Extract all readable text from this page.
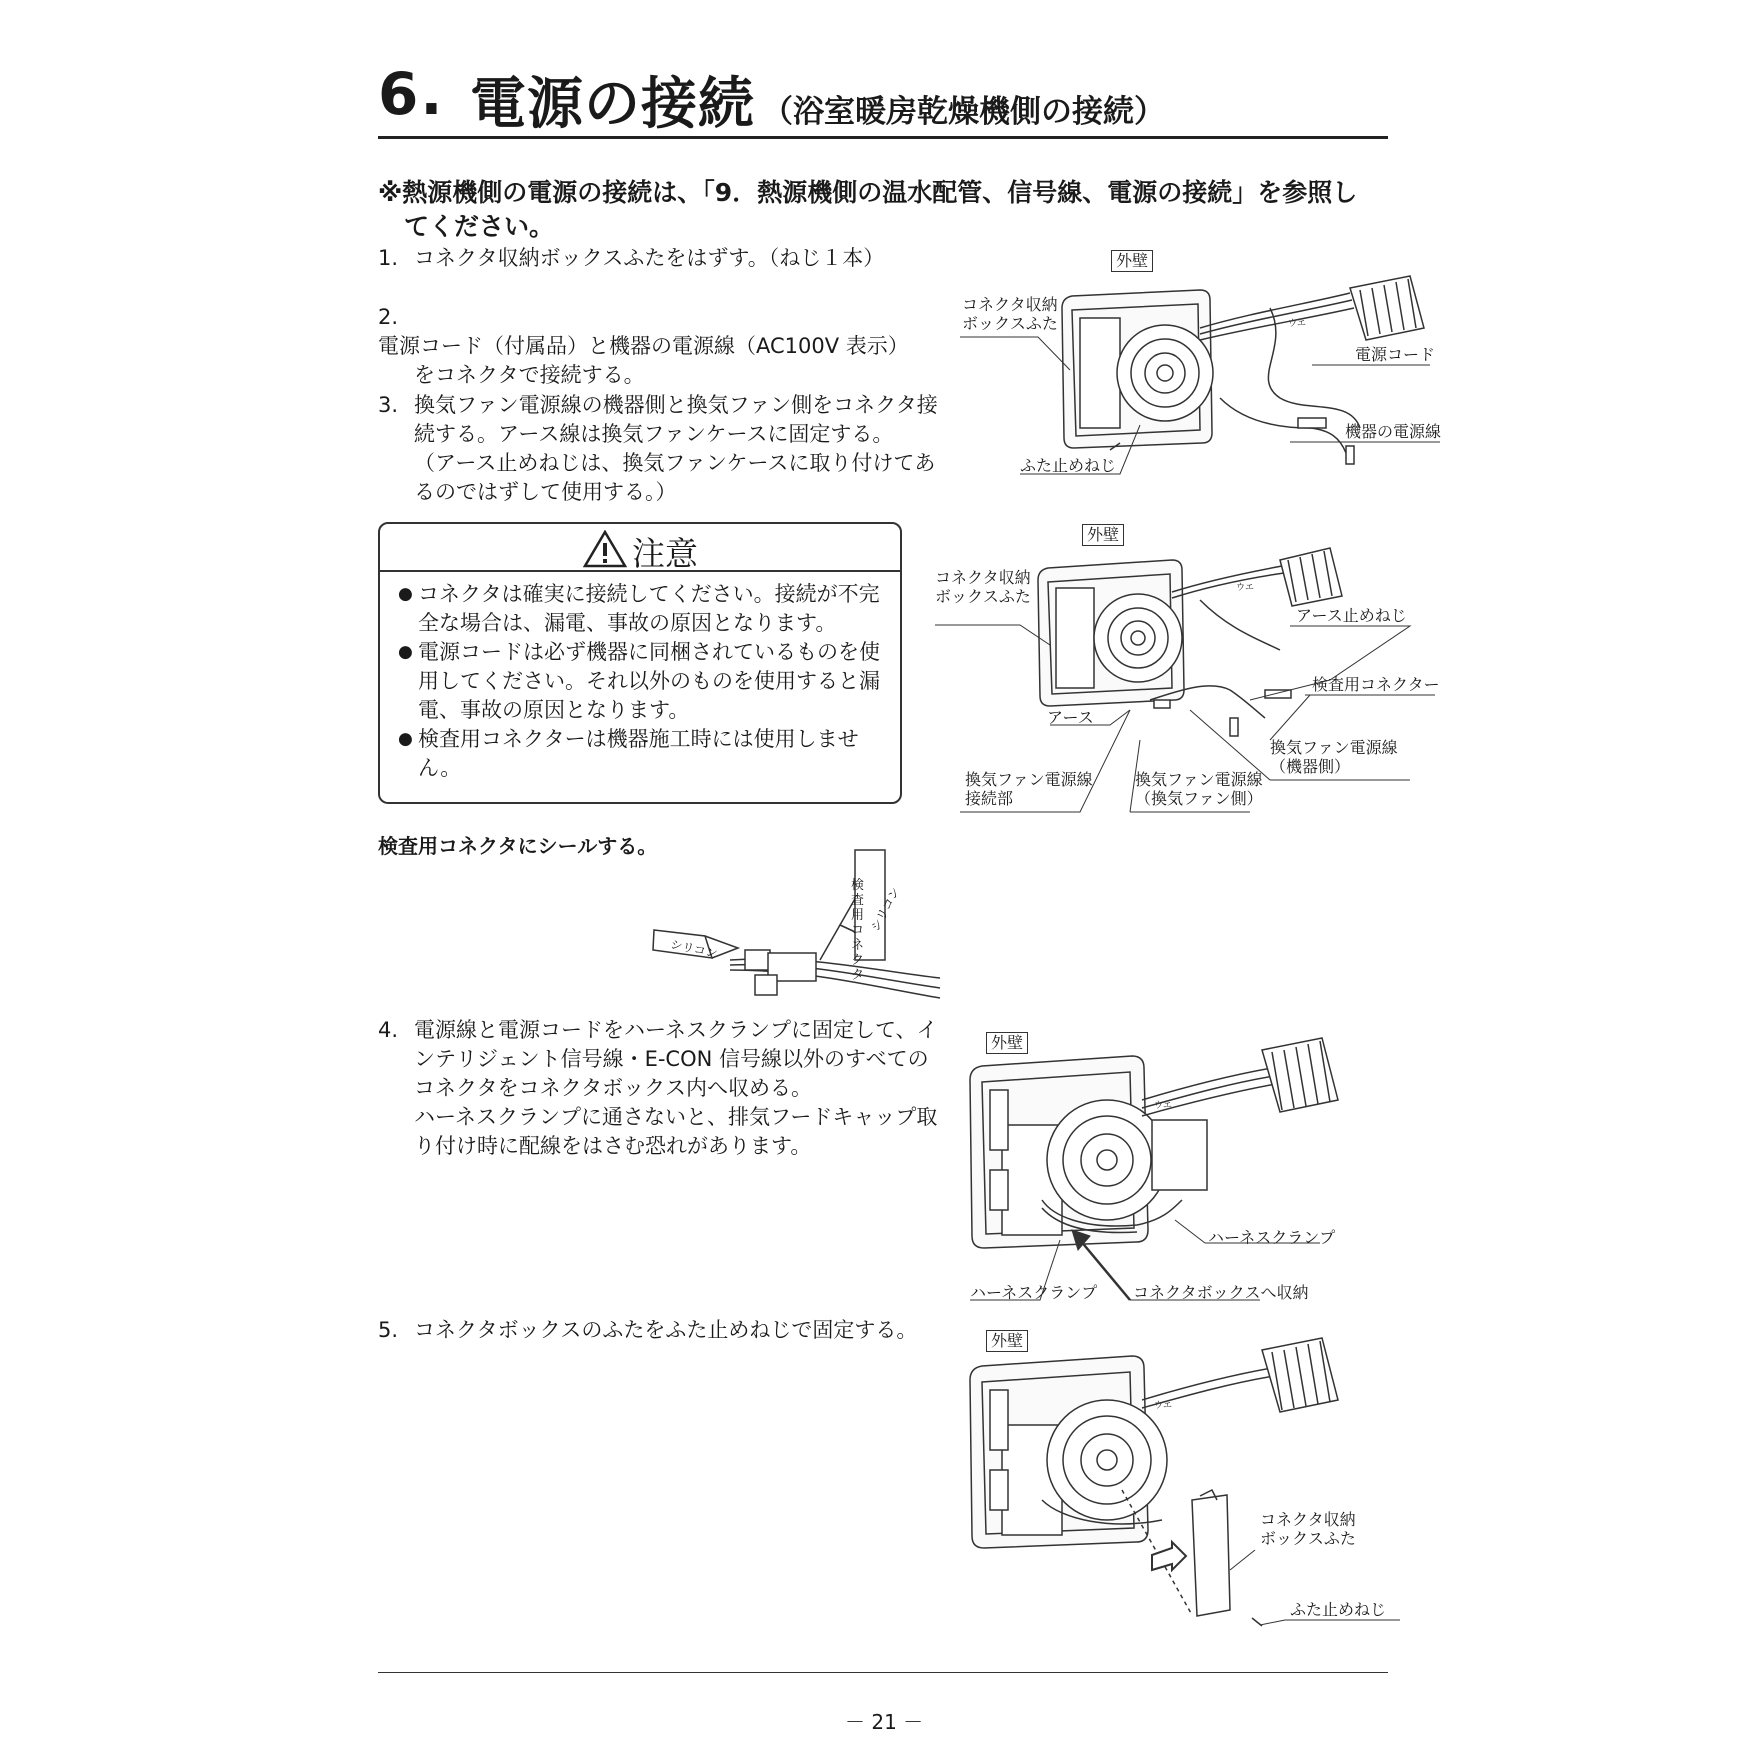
6. 電源の接続 （浴室暖房乾燥機側の接続）
※熱源機側の電源の接続は、「9．熱源機側の温水配管、信号線、電源の接続」を参照し
てください。
1. コネクタ収納ボックスふたをはずす。（ねじ１本）
2.電源コード（付属品）と機器の電源線（AC100V 表示）
をコネクタで接続する。
3. 換気ファン電源線の機器側と換気ファン側をコネクタ接
続する。アース線は換気ファンケースに固定する。
（アース止めねじは、換気ファンケースに取り付けてあ
るのではずして使用する。）
注意
● コネクタは確実に接続してください。接続が不完全な場合は、漏電、事故の原因となります。
● 電源コードは必ず機器に同梱されているものを使用してください。それ以外のものを使用すると漏電、事故の原因となります。
● 検査用コネクターは機器施工時には使用しません。
検査用コネクタにシールする。
シリコン
シリコン
検査用コネクタ
4. 電源線と電源コードをハーネスクランプに固定して、イ
ンテリジェント信号線・E-CON 信号線以外のすべての
コネクタをコネクタボックス内へ収める。
ハーネスクランプに通さないと、排気フードキャップ取
り付け時に配線をはさむ恐れがあります。
5. コネクタボックスのふたをふた止めねじで固定する。
ウエ
外壁
コネクタ収納
ボックスふた
電源コード
機器の電源線
ふた止めねじ
ウエ
外壁
コネクタ収納
ボックスふた
アース止めねじ
検査用コネクター
アース
換気ファン電源線
（機器側）
換気ファン電源線
接続部
換気ファン電源線
（換気ファン側）
ウエ
外壁
ハーネスクランプ
ハーネスクランプ コネクタボックスへ収納
ウエ
外壁
コネクタ収納
ボックスふた
ふた止めねじ
－ 21 －
